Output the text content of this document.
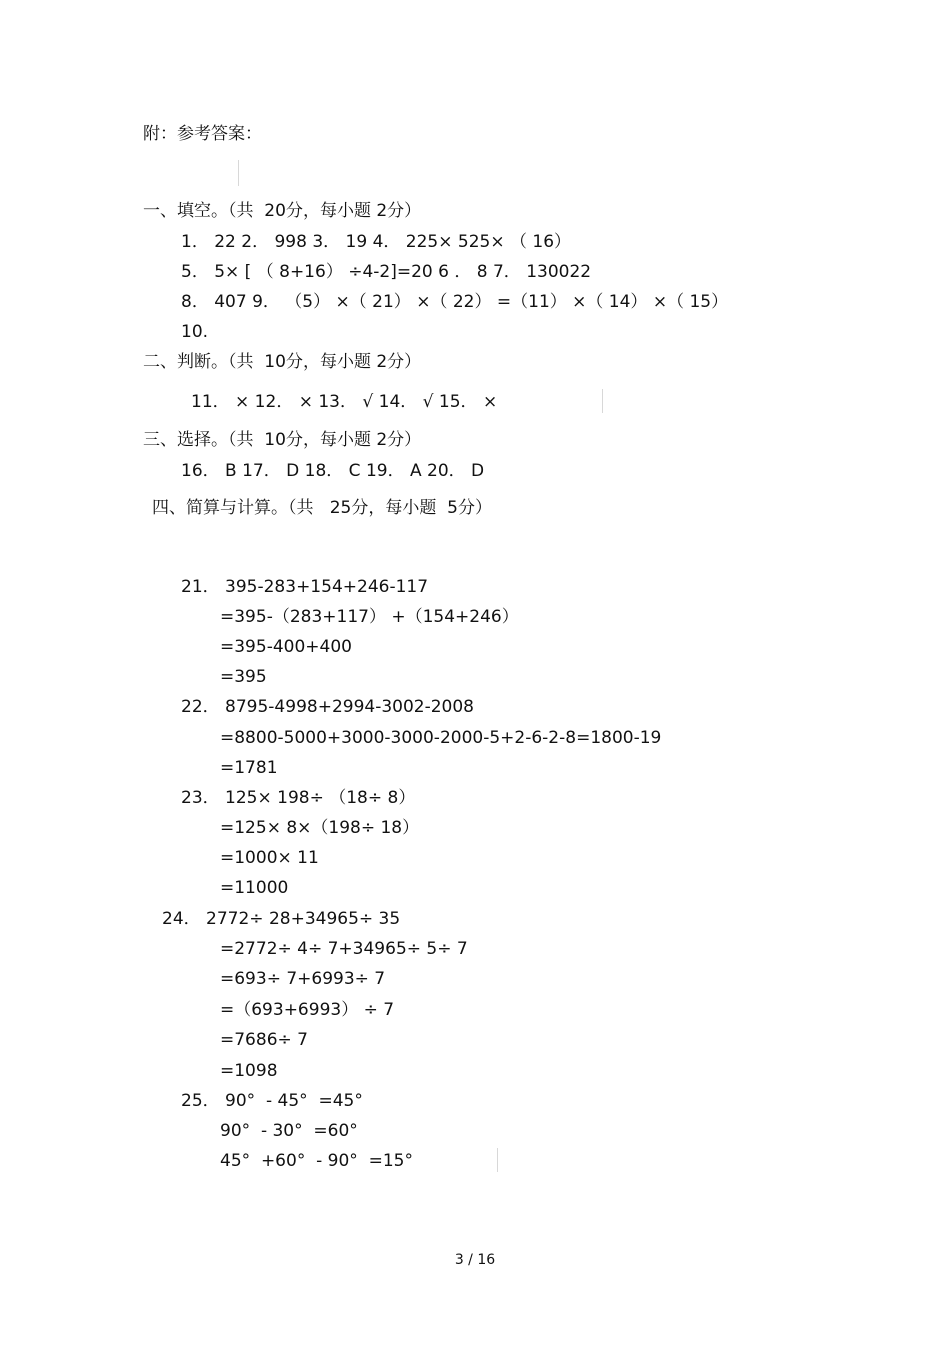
附：参考答案：
一、填空。（共  20分，每小题 2分）
1． 22 2． 998 3． 19 4． 225× 525× （ 16）
5． 5× [ （ 8+16） ÷4-2]=20 6 ． 8 7． 130022
8． 407 9． （5） ×（ 21） ×（ 22） =（11） ×（ 14） ×（ 15）
10.
二、判断。（共  10分，每小题 2分）
11． × 12． × 13． √ 14． √ 15． ×
三、选择。（共  10分，每小题 2分）
16． B 17． D 18． C 19． A 20． D
四、简算与计算。（共   25分，每小题  5分）
21． 395-283+154+246-117
=395-（283+117） +（154+246）
=395-400+400
=395
22． 8795-4998+2994-3002-2008
=8800-5000+3000-3000-2000-5+2-6-2-8=1800-19
=1781
23． 125× 198÷ （18÷ 8）
=125× 8×（198÷ 18）
=1000× 11
=11000
24． 2772÷ 28+34965÷ 35
=2772÷ 4÷ 7+34965÷ 5÷ 7
=693÷ 7+6993÷ 7
=（693+6993） ÷ 7
=7686÷ 7
=1098
25． 90°  - 45°  =45°
90°  - 30°  =60°
45°  +60°  - 90°  =15°
3 / 16
